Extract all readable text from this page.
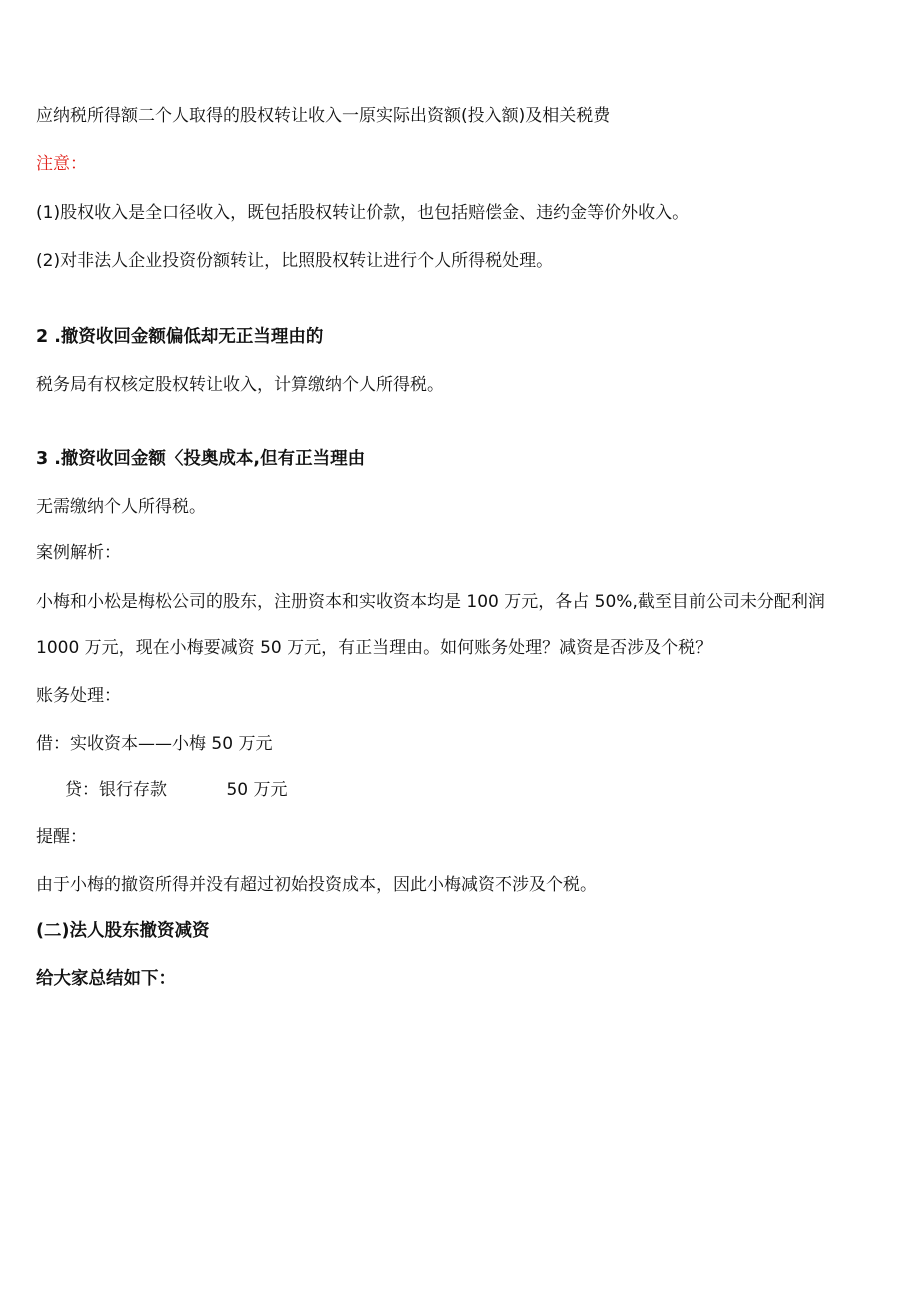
应纳税所得额二个人取得的股权转让收入一原实际出资额(投入额)及相关税费
注意：
(1)股权收入是全口径收入，既包括股权转让价款，也包括赔偿金、违约金等价外收入。
(2)对非法人企业投资份额转让，比照股权转让进行个人所得税处理。
2 .撤资收回金额偏低却无正当理由的
税务局有权核定股权转让收入，计算缴纳个人所得税。
3 .撤资收回金额〈投奥成本,但有正当理由
无需缴纳个人所得税。
案例解析：
小梅和小松是梅松公司的股东，注册资本和实收资本均是 100 万元，各占 50%,截至目前公司未分配利润
1000 万元，现在小梅要减资 50 万元，有正当理由。如何账务处理？减资是否涉及个税？
账务处理：
借：实收资本——小梅 50 万元
贷：银行存款           50 万元
提醒：
由于小梅的撤资所得并没有超过初始投资成本，因此小梅减资不涉及个税。
(二)法人股东撤资减资
给大家总结如下：
